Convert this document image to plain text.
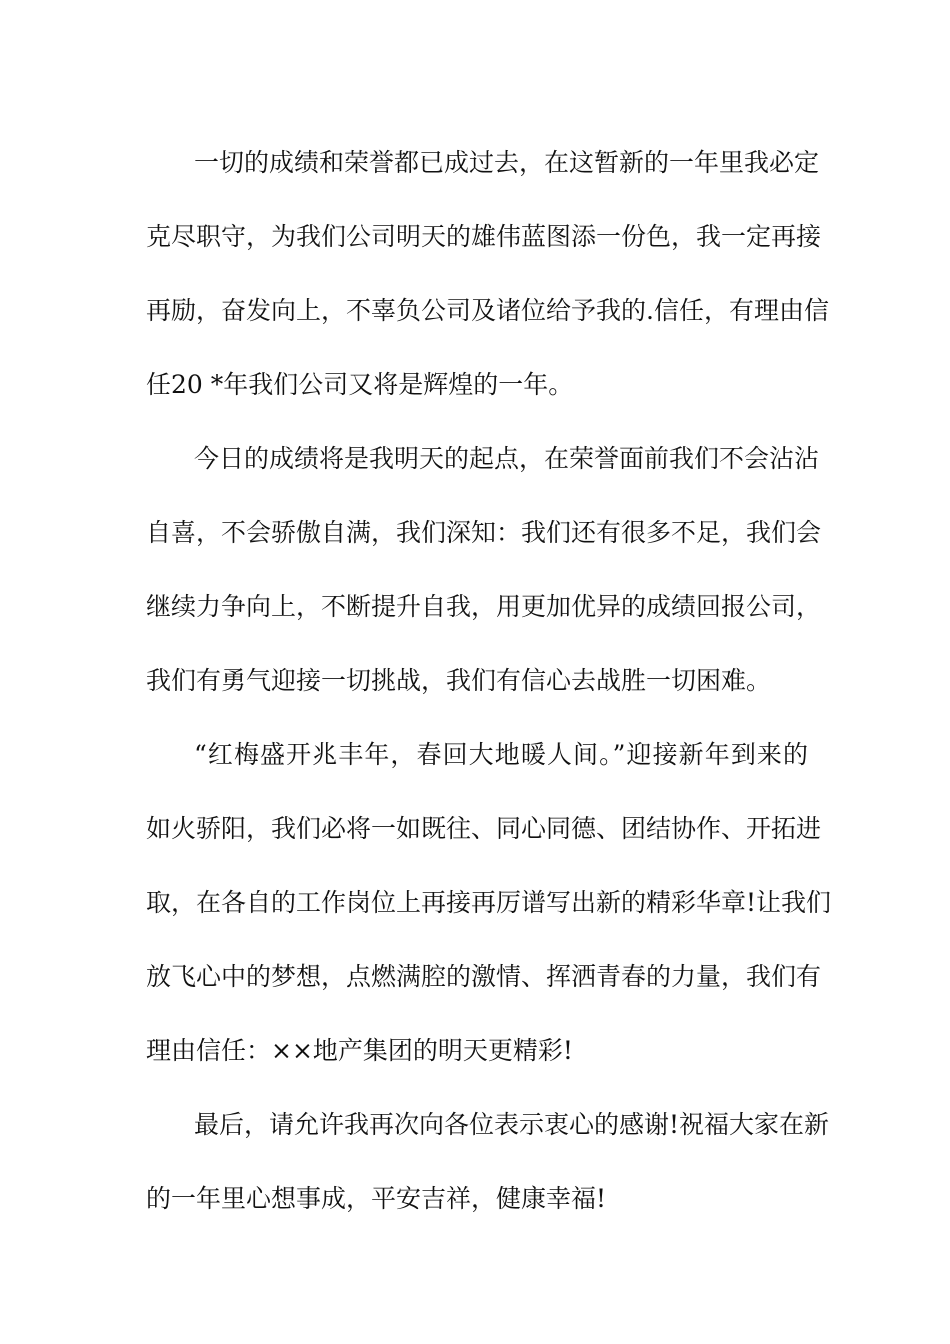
一切的成绩和荣誉都已成过去，在这暂新的一年里我必定
克尽职守，为我们公司明天的雄伟蓝图添一份色，我一定再接
再励，奋发向上，不辜负公司及诸位给予我的.信任，有理由信
任20 *年我们公司又将是辉煌的一年。
今日的成绩将是我明天的起点，在荣誉面前我们不会沾沾
自喜，不会骄傲自满，我们深知：我们还有很多不足，我们会
继续力争向上，不断提升自我，用更加优异的成绩回报公司，
我们有勇气迎接一切挑战，我们有信心去战胜一切困难。
“红梅盛开兆丰年，春回大地暖人间。”迎接新年到来的
如火骄阳，我们必将一如既往、同心同德、团结协作、开拓进
取，在各自的工作岗位上再接再厉谱写出新的精彩华章!让我们
放飞心中的梦想，点燃满腔的激情、挥洒青春的力量，我们有
理由信任：××地产集团的明天更精彩!
最后，请允许我再次向各位表示衷心的感谢!祝福大家在新
的一年里心想事成，平安吉祥，健康幸福!
